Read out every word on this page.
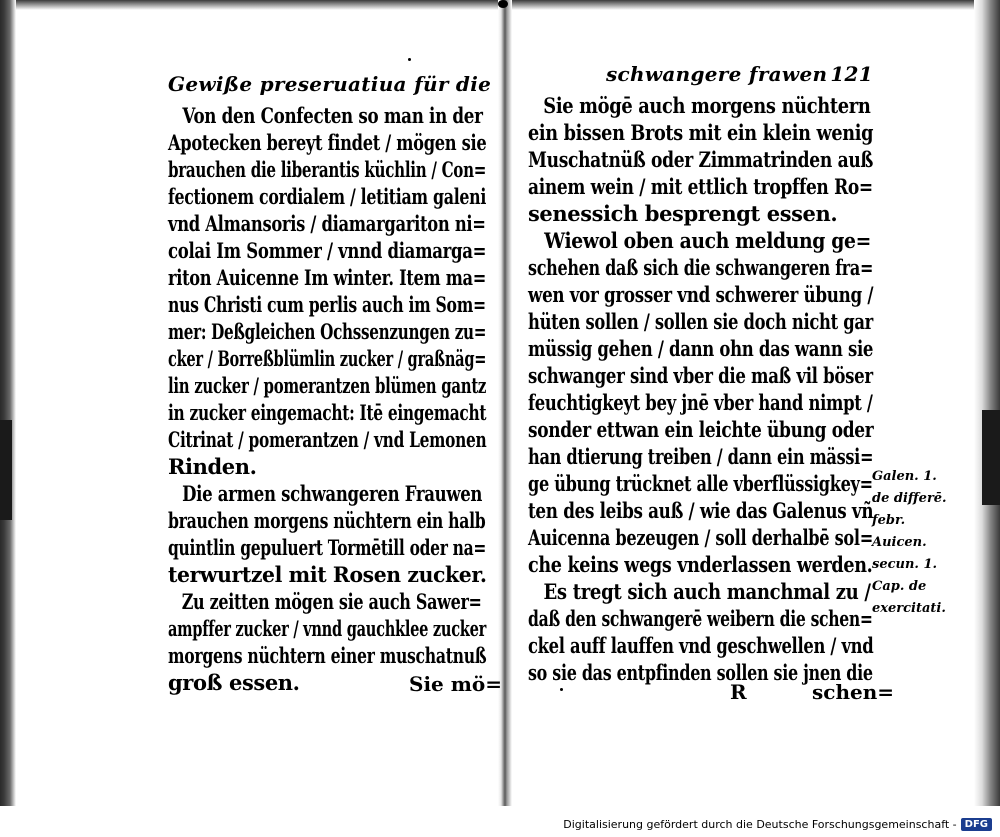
Gewiße preseruatiua für die
Von den Confecten so man in der
Apotecken bereyt findet / mögen sie
brauchen die liberantis küchlin / Con=
fectionem cordialem / letitiam galeni
vnd Almansoris / diamargariton ni=
colai Im Sommer / vnnd diamarga=
riton Auicenne Im winter. Item ma=
nus Christi cum perlis auch im Som=
mer: Deßgleichen Ochssenzungen zu=
cker / Borreßblümlin zucker / graßnäg=
lin zucker / pomerantzen blümen gantz
in zucker eingemacht: Itē eingemacht
Citrinat / pomerantzen / vnd Lemonen
Rinden.
Die armen schwangeren Frauwen
brauchen morgens nüchtern ein halb
quintlin gepuluert Tormētill oder na=
terwurtzel mit Rosen zucker.
Zu zeitten mögen sie auch Sawer=
ampffer zucker / vnnd gauchklee zucker
morgens nüchtern einer muschatnuß
groß essen.	Sie mö=
schwangere frawen 121
Sie mögē auch morgens nüchtern
ein bissen Brots mit ein klein wenig
Muschatnüß oder Zimmatrinden auß
ainem wein / mit ettlich tropffen Ro=
senessich besprengt essen.
Wiewol oben auch meldung ge=
schehen daß sich die schwangeren fra=
wen vor grosser vnd schwerer übung /
hüten sollen / sollen sie doch nicht gar
müssig gehen / dann ohn das wann sie
schwanger sind vber die maß vil böser
feuchtigkeyt bey jnē vber hand nimpt /
sonder ettwan ein leichte übung oder
han dtierung treiben / dann ein mässi=
ge übung trücknet alle vberflüssigkey=
ten des leibs auß / wie das Galenus vñ
Auicenna bezeugen / soll derhalbē sol=
che keins wegs vnderlassen werden.
Es tregt sich auch manchmal zu /
daß den schwangerē weibern die schen=
ckel auff lauffen vnd geschwellen / vnd
so sie das entpfinden sollen sie jnen die
R	schen=
Galen. 1.
de differē.
febr.
Auicen.
secun. 1.
Cap. de
exercitati.
Digitalisierung gefördert durch die Deutsche Forschungsgemeinschaft - DFG
